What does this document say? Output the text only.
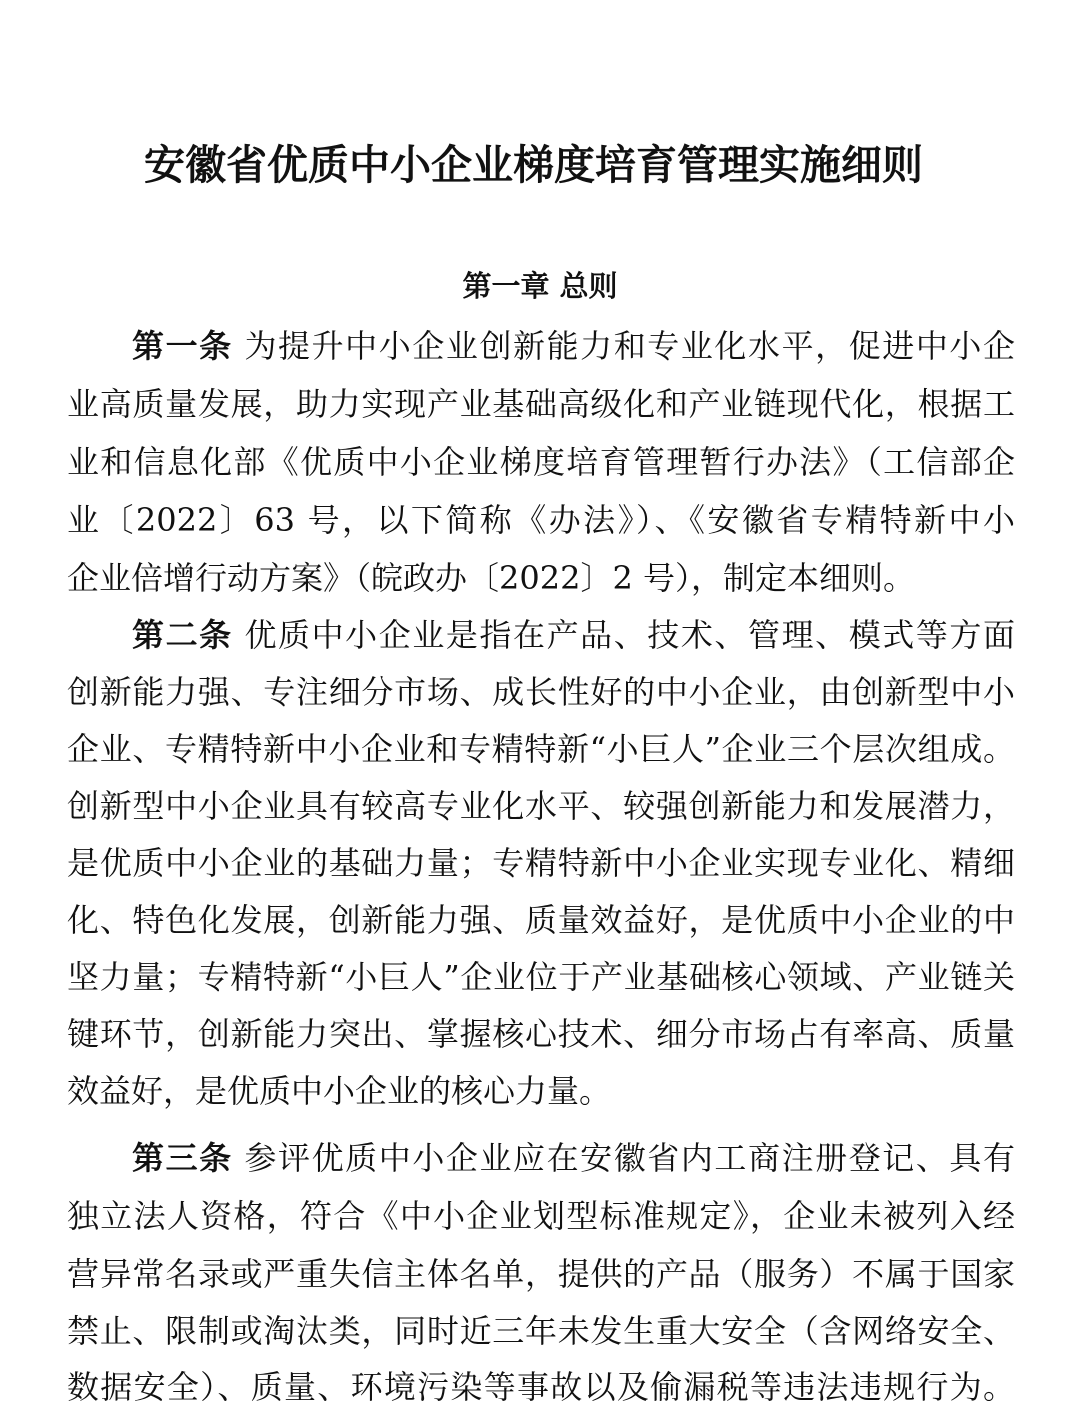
安徽省优质中小企业梯度培育管理实施细则
第一章 总则
第一条 为提升中小企业创新能力和专业化水平，促进中小企
业高质量发展，助力实现产业基础高级化和产业链现代化，根据工
业和信息化部《优质中小企业梯度培育管理暂行办法》（工信部企
业〔2022〕63 号，以下简称《办法》）、《安徽省专精特新中小
企业倍增行动方案》（皖政办〔2022〕2 号），制定本细则。
第二条 优质中小企业是指在产品、技术、管理、模式等方面
创新能力强、专注细分市场、成长性好的中小企业，由创新型中小
企业、专精特新中小企业和专精特新“小巨人”企业三个层次组成。
创新型中小企业具有较高专业化水平、较强创新能力和发展潜力，
是优质中小企业的基础力量；专精特新中小企业实现专业化、精细
化、特色化发展，创新能力强、质量效益好，是优质中小企业的中
坚力量；专精特新“小巨人”企业位于产业基础核心领域、产业链关
键环节，创新能力突出、掌握核心技术、细分市场占有率高、质量
效益好，是优质中小企业的核心力量。
第三条 参评优质中小企业应在安徽省内工商注册登记、具有
独立法人资格，符合《中小企业划型标准规定》，企业未被列入经
营异常名录或严重失信主体名单，提供的产品（服务）不属于国家
禁止、限制或淘汰类，同时近三年未发生重大安全（含网络安全、
数据安全）、质量、环境污染等事故以及偷漏税等违法违规行为。
